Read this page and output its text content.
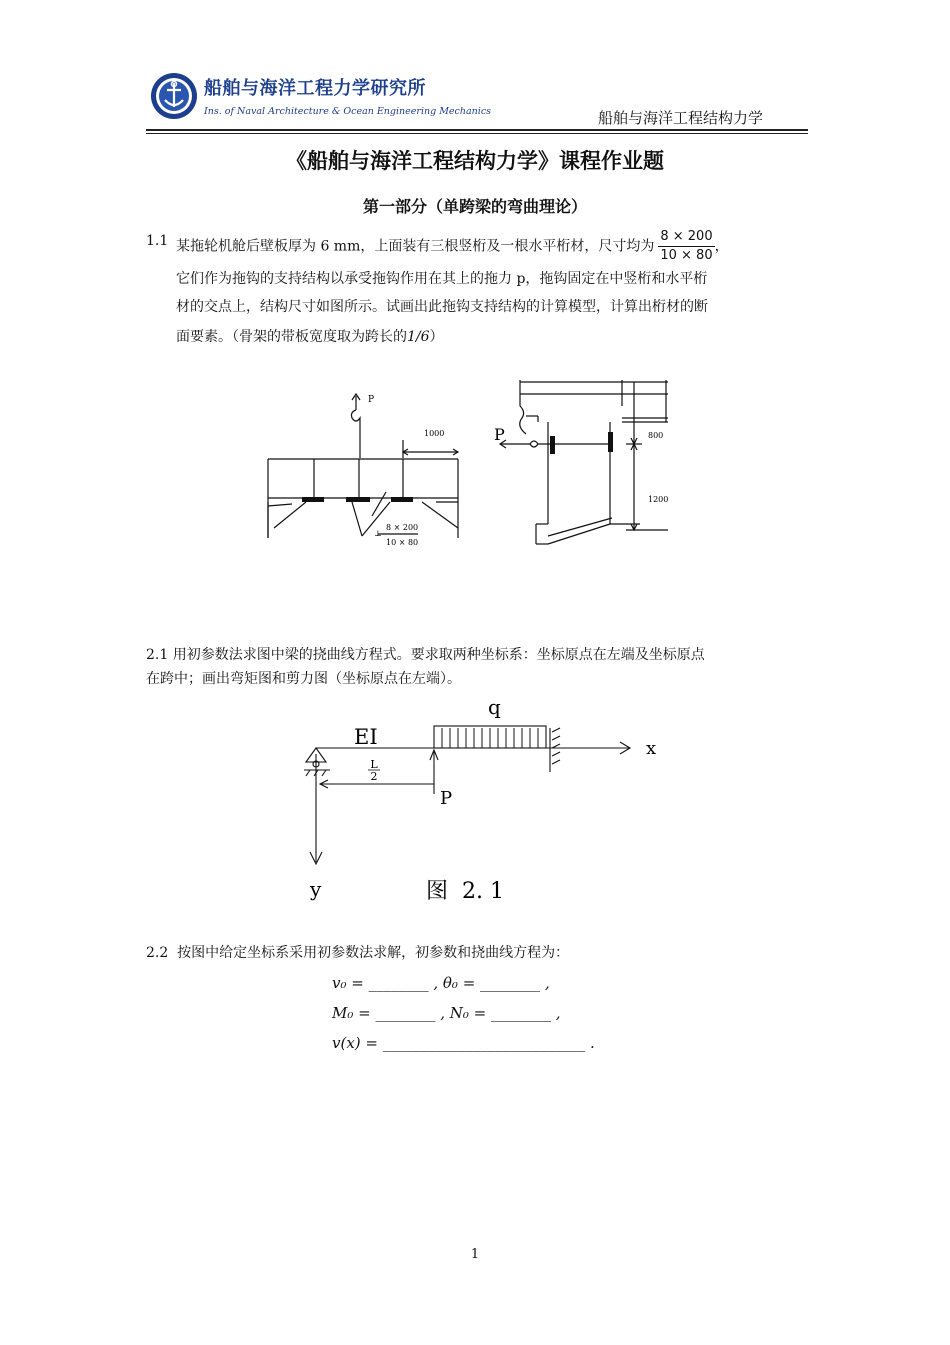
船舶与海洋工程力学研究所
Ins. of Naval Architecture & Ocean Engineering Mechanics	船舶与海洋工程结构力学
《船舶与海洋工程结构力学》课程作业题
第一部分（单跨梁的弯曲理论）
1.1 某拖轮机舱后壁板厚为 6 mm，上面装有三根竖桁及一根水平桁材，尺寸均为 $\frac{8 \times 200}{10 \times 80}$ ，
它们作为拖钩的支持结构以承受拖钩作用在其上的拖力 p，拖钩固定在中竖桁和水平桁
材的交点上，结构尺寸如图所示。试画出此拖钩支持结构的计算模型，计算出桁材的断
面要素。（骨架的带板宽度取为跨长的1/6）
P
1000
8 × 200
10 × 80
⊥
P	800
1200
2.1 用初参数法求图中梁的挠曲线方程式。要求取两种坐标系：坐标原点在左端及坐标原点
在跨中；画出弯矩图和剪力图（坐标原点在左端）。
EI
q
x
y
P
L
2
图  2. 1
2.2 按图中给定坐标系采用初参数法求解，初参数和挠曲线方程为：
v₀ = ________ , θ₀ = ________ ,
M₀ = ________ , N₀ = ________ ,
v(x) = ___________________________ .
1
